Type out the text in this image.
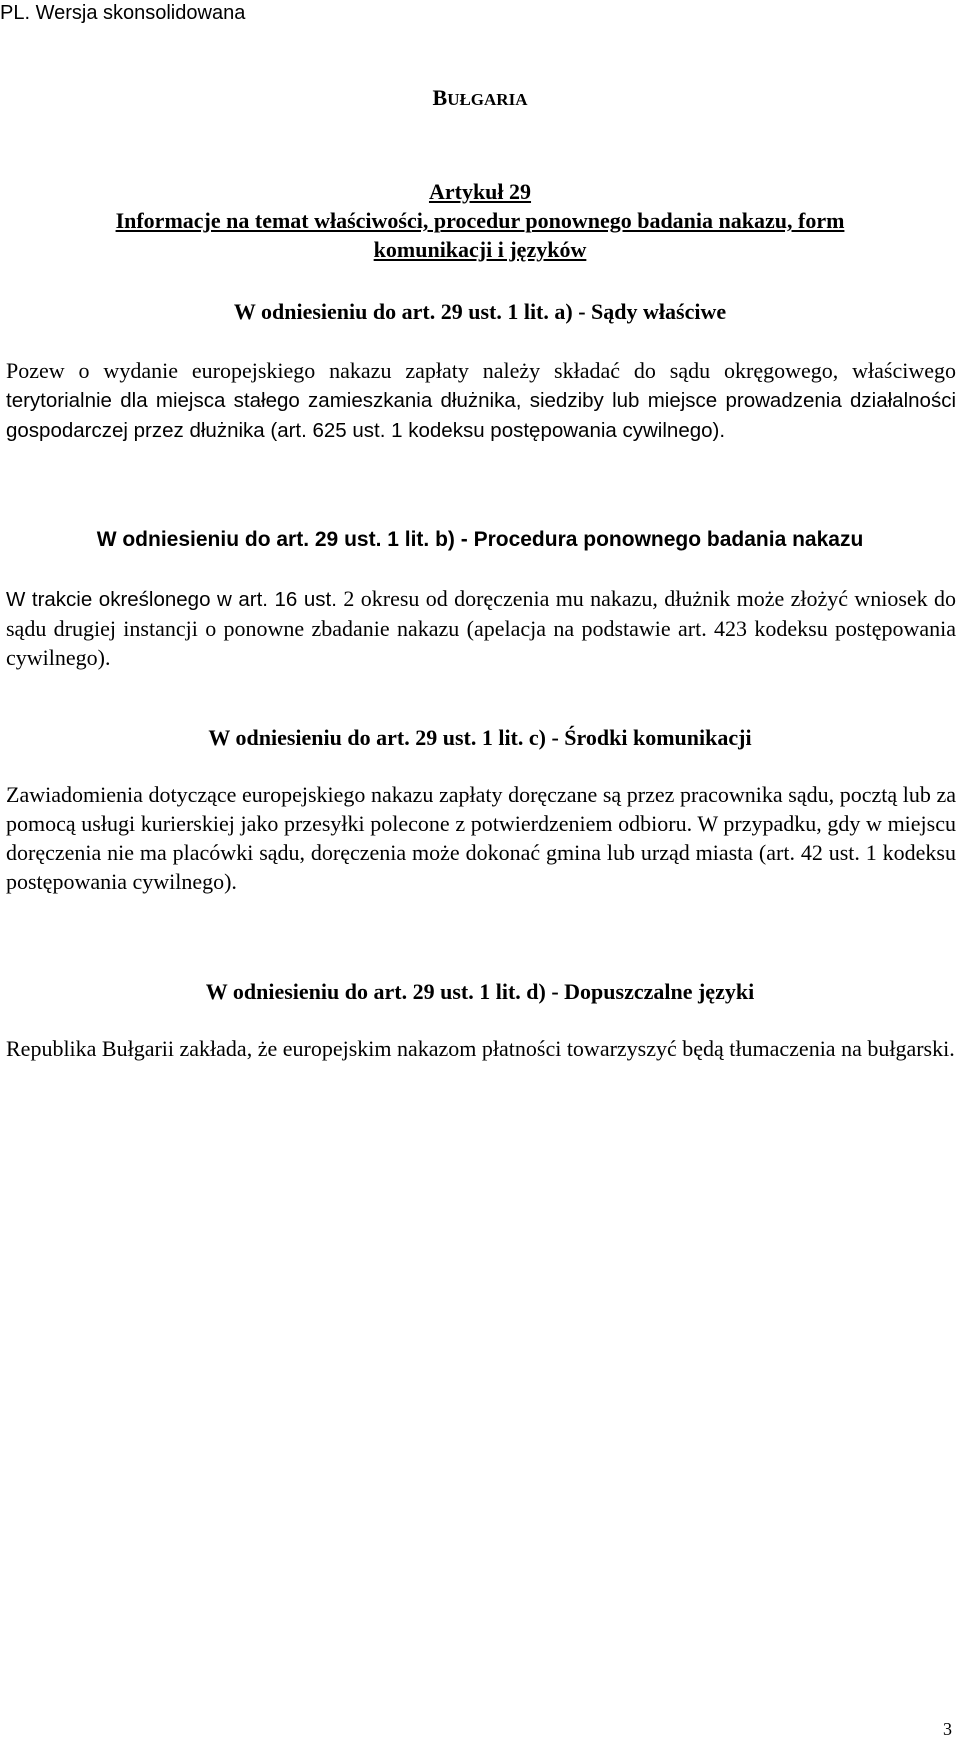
PL. Wersja skonsolidowana
BUŁGARIA
Artykuł 29
Informacje na temat właściwości, procedur ponownego badania nakazu, form
komunikacji i języków
W odniesieniu do art. 29 ust. 1 lit. a) - Sądy właściwe
Pozew o wydanie europejskiego nakazu zapłaty należy składać do sądu okręgowego, właściwego terytorialnie dla miejsca stałego zamieszkania dłużnika, siedziby lub miejsce prowadzenia działalności gospodarczej przez dłużnika (art. 625 ust. 1 kodeksu postępowania cywilnego).
W odniesieniu do art. 29 ust. 1 lit. b) - Procedura ponownego badania nakazu
W trakcie określonego w art. 16 ust. 2 okresu od doręczenia mu nakazu, dłużnik może złożyć wniosek do sądu drugiej instancji o ponowne zbadanie nakazu (apelacja na podstawie art. 423 kodeksu postępowania cywilnego).
W odniesieniu do art. 29 ust. 1 lit. c) - Środki komunikacji
Zawiadomienia dotyczące europejskiego nakazu zapłaty doręczane są przez pracownika sądu, pocztą lub za pomocą usługi kurierskiej jako przesyłki polecone z potwierdzeniem odbioru. W przypadku, gdy w miejscu doręczenia nie ma placówki sądu, doręczenia może dokonać gmina lub urząd miasta (art. 42 ust. 1 kodeksu postępowania cywilnego).
W odniesieniu do art. 29 ust. 1 lit. d) - Dopuszczalne języki
Republika Bułgarii zakłada, że europejskim nakazom płatności towarzyszyć będą tłumaczenia na bułgarski.
3
